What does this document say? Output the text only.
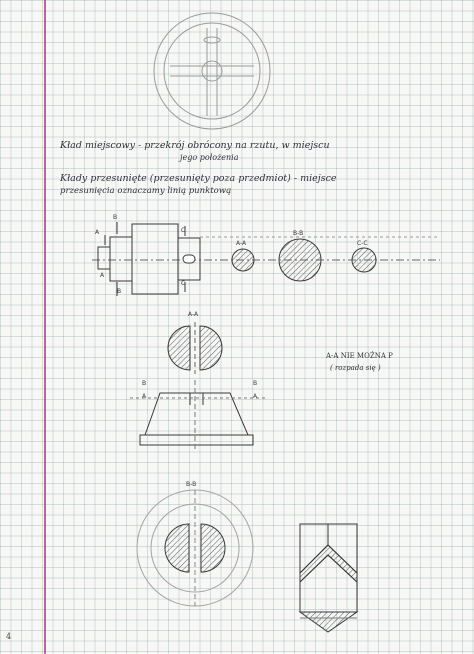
Kład miejscowy - przekrój obrócony na rzutu, w miejscu
jego położenia
Kłady przesunięte (przesunięty poza przedmiot) - miejsce
przesunięcia oznaczamy linią punktową
A-A
B-B
C-C
B
A	C
B
A
C
A-A
B-B
B
A
B
A
A-A NIE MOŻNA P
( rozpada się )
4
